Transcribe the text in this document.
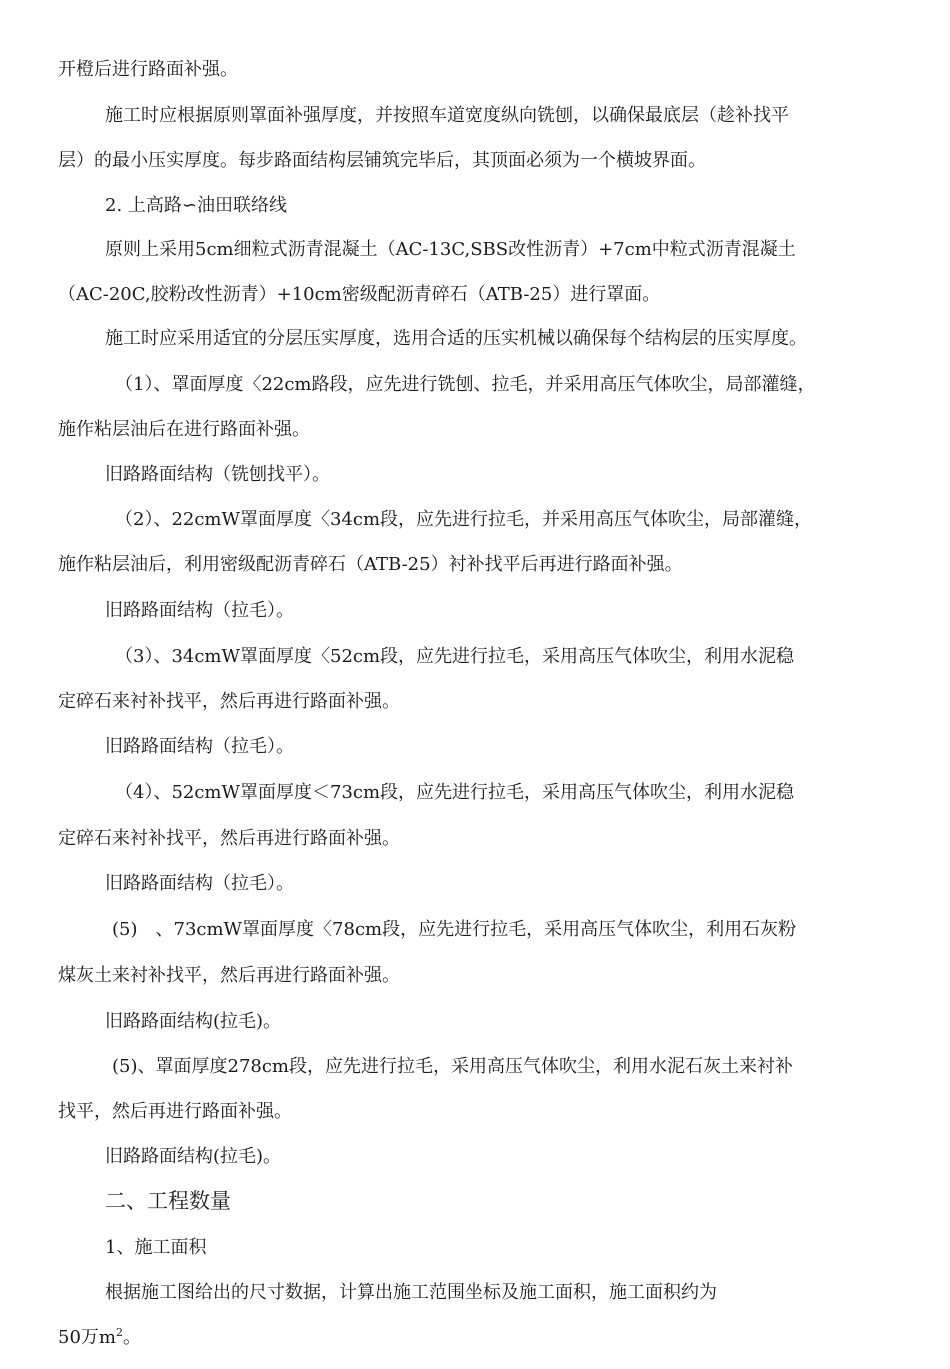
开橙后进行路面补强。
施工时应根据原则罩面补强厚度，并按照车道宽度纵向铣刨，以确保最底层（趁补找平
层）的最小压实厚度。每步路面结构层铺筑完毕后，其顶面必须为一个横坡界面。
2. 上高路∽油田联络线
原则上采用5cm细粒式沥青混凝土（AC-13C,SBS改性沥青）+7cm中粒式沥青混凝土
（AC-20C,胶粉改性沥青）+10cm密级配沥青碎石（ATB-25）进行罩面。
施工时应采用适宜的分层压实厚度，选用合适的压实机械以确保每个结构层的压实厚度。
（1）、罩面厚度〈22cm路段，应先进行铣刨、拉毛，并采用高压气体吹尘，局部灌缝，
施作粘层油后在进行路面补强。
旧路路面结构（铣刨找平）。
（2）、22cmW罩面厚度〈34cm段，应先进行拉毛，并采用高压气体吹尘，局部灌缝，
施作粘层油后，利用密级配沥青碎石（ATB-25）衬补找平后再进行路面补强。
旧路路面结构（拉毛）。
（3）、34cmW罩面厚度〈52cm段，应先进行拉毛，采用高压气体吹尘，利用水泥稳
定碎石来衬补找平，然后再进行路面补强。
旧路路面结构（拉毛）。
（4）、52cmW罩面厚度＜73cm段，应先进行拉毛，采用高压气体吹尘，利用水泥稳
定碎石来衬补找平，然后再进行路面补强。
旧路路面结构（拉毛）。
(5)　、73cmW罩面厚度〈78cm段，应先进行拉毛，采用高压气体吹尘，利用石灰粉
煤灰土来衬补找平，然后再进行路面补强。
旧路路面结构(拉毛)。
(5)、罩面厚度278cm段，应先进行拉毛，采用高压气体吹尘，利用水泥石灰土来衬补
找平，然后再进行路面补强。
旧路路面结构(拉毛)。
二、工程数量
1、施工面积
根据施工图给出的尺寸数据，计算出施工范围坐标及施工面积，施工面积约为
50万$m^2$。
